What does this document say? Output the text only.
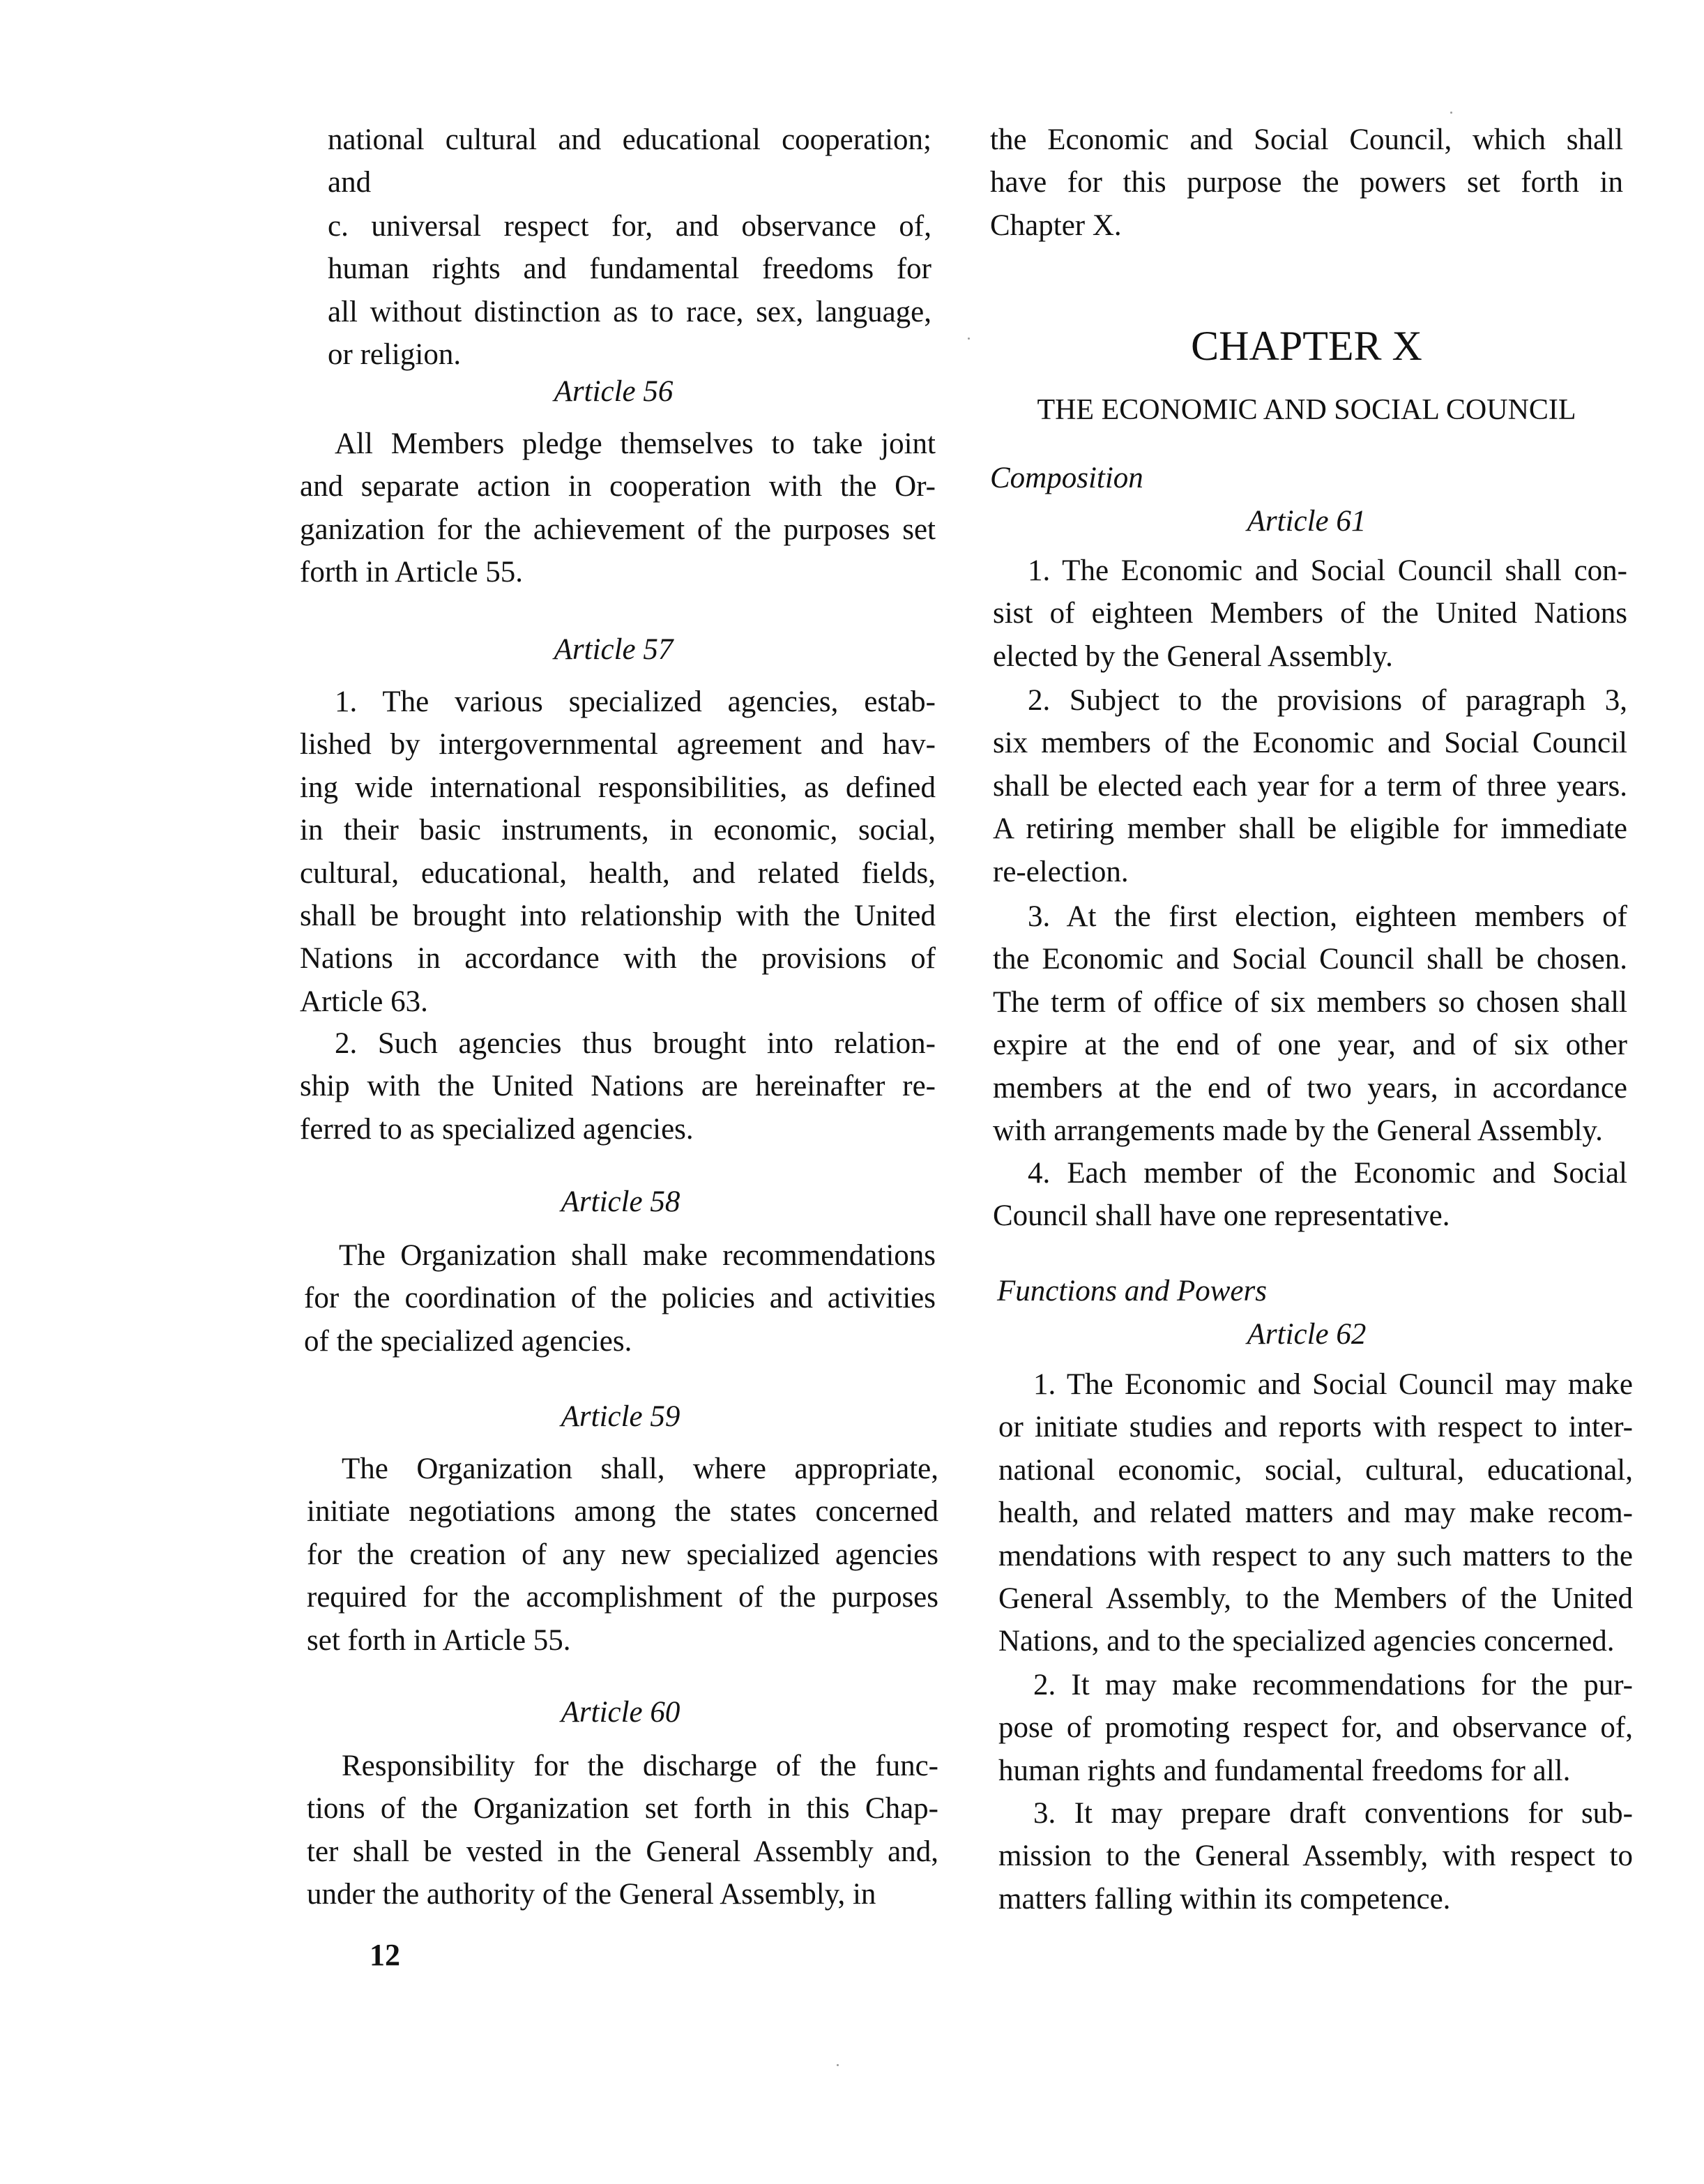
national cultural and educational cooperation;
and
c. universal respect for, and observance of,
human rights and fundamental freedoms for
all without distinction as to race, sex, language,
or religion.
Article 56
All Members pledge themselves to take joint
and separate action in cooperation with the Or-
ganization for the achievement of the purposes set
forth in Article 55.
Article 57
1. The various specialized agencies, estab-
lished by intergovernmental agreement and hav-
ing wide international responsibilities, as defined
in their basic instruments, in economic, social,
cultural, educational, health, and related fields,
shall be brought into relationship with the United
Nations in accordance with the provisions of
Article 63.
2. Such agencies thus brought into relation-
ship with the United Nations are hereinafter re-
ferred to as specialized agencies.
Article 58
The Organization shall make recommendations
for the coordination of the policies and activities
of the specialized agencies.
Article 59
The Organization shall, where appropriate,
initiate negotiations among the states concerned
for the creation of any new specialized agencies
required for the accomplishment of the purposes
set forth in Article 55.
Article 60
Responsibility for the discharge of the func-
tions of the Organization set forth in this Chap-
ter shall be vested in the General Assembly and,
under the authority of the General Assembly, in
12
the Economic and Social Council, which shall
have for this purpose the powers set forth in
Chapter X.
CHAPTER X
THE ECONOMIC AND SOCIAL COUNCIL
Composition
Article 61
1. The Economic and Social Council shall con-
sist of eighteen Members of the United Nations
elected by the General Assembly.
2. Subject to the provisions of paragraph 3,
six members of the Economic and Social Council
shall be elected each year for a term of three years.
A retiring member shall be eligible for immediate
re-election.
3. At the first election, eighteen members of
the Economic and Social Council shall be chosen.
The term of office of six members so chosen shall
expire at the end of one year, and of six other
members at the end of two years, in accordance
with arrangements made by the General Assembly.
4. Each member of the Economic and Social
Council shall have one representative.
Functions and Powers
Article 62
1. The Economic and Social Council may make
or initiate studies and reports with respect to inter-
national economic, social, cultural, educational,
health, and related matters and may make recom-
mendations with respect to any such matters to the
General Assembly, to the Members of the United
Nations, and to the specialized agencies concerned.
2. It may make recommendations for the pur-
pose of promoting respect for, and observance of,
human rights and fundamental freedoms for all.
3. It may prepare draft conventions for sub-
mission to the General Assembly, with respect to
matters falling within its competence.
